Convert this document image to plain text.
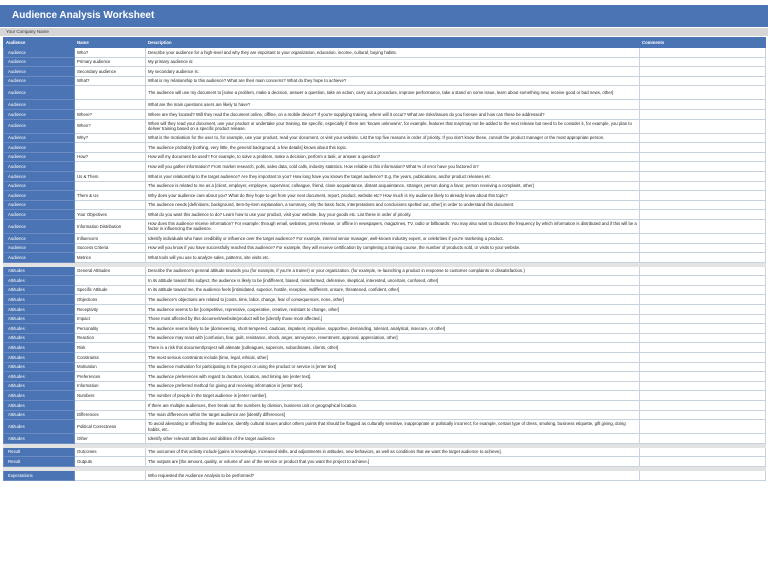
Audience Analysis Worksheet
Your Company Name
Audience	Name	Description	Comments
Audience	Who?	Describe your audience for a high-level and why they are important to your organization, education, income, cultural, buying habits.	
Audience	Primary audience	My primary audience is:	
Audience	Secondary audience	My secondary audience is:	
Audience	What?	What is my relationship to this audience? What are their main concerns? What do they hope to achieve?	
Audience		The audience will use my document to [solve a problem, make a decision, answer a question, take an action, carry out a procedure, improve performance, take a stand on some issue, learn about something new, receive good or bad news, other]	
Audience		What are the main questions users are likely to have?	
Audience	Where?	Where are they located? Will they read the document online, offline, on a mobile device? If you're supplying training, where will it occur? What are risks/issues do you foresee and how can these be addressed?	
Audience	When?	When will they read your document, use your product or undertake your training. Be specific, especially if there are 'known unknowns', for example, features that may/may not be added to the next release but need to be consider it, for example, you plan to deliver training based on a specific product release.	
Audience	Why?	What is the motivation for the user to, for example, use your product, read your document, or visit your website. List the top five reasons in order of priority. If you don't know these, consult the product manager or the most appropriate person.	
Audience		The audience probably [nothing, very little, the general background, a few details] knows about this topic.	
Audience	How?	How will my document be used? For example, to solve a problem, make a decision, perform a task, or answer a question?	
Audience		How will you gather information? From market research, polls, sales data, cold calls, industry statistics. How reliable is this information? What % of error have you factored in?	
Audience	Us & Them	What is your relationship to the target audience? Are they important to you? How long have you known the target audience? E.g. the years, publications, and/or product releases etc	
Audience		The audience is related to me as a [client, employer, employee, supervisor, colleague, friend, close acquaintance, distant acquaintance, stranger, person doing a favor, person receiving a complaint, other]	
Audience	Them & Us	Why does your audience care about you? What do they hope to get from your next document, report, product, website etc? How much is my audience likely to already know about this topic?	
Audience		The audience needs [definitions, background, item-by-item explanation, a summary, only the basic facts, interpretations and conclusions spelled out, other] in order to understand this document.	
Audience	Your Objectives	What do you want this audience to do? Learn how to use your product, visit your website, buy your goods etc. List these in order of priority.	
Audience	Information Distribution	How does this audience receive information? For example: through email, websites, press release, or offline in newspapers, magazines, TV, radio or billboards. You may also want to discuss the frequency by which information is distributed and if this will be a factor in influencing the audience.	
Audience	Influencers	Identify individuals who have credibility or influence over the target audience? For example, internal senior manager, well-known industry expert, or celebrities if you're marketing a product.	
Audience	Success Criteria	How will you know if you have successfully reached this audience? For example, they will receive certification by completing a training course, the number of products sold, or visits to your website.	
Audience	Metrics	What tools will you use to analyze sales, patterns, site visits etc.	

Attitudes	General Attitudes	Describe the audience's general attitude towards you (for example, if you're a trainer) or your organization. (for example, re-launching a product in response to customer complaints or dissatisfaction.)	
Attitudes		In its attitude toward this subject, the audience is likely to be [indifferent, biased, misinformed, defensive, skeptical, interested, uncertain, confused, other]	
Attitudes	Specific Attitude	In its attitude toward me, the audience feels [intimidated, superior, hostile, receptive, indifferent, unsure, threatened, confident, other]	
Attitudes	Objections	The audience's objections are related to [costs, time, labor, change, fear of consequences, none, other]	
Attitudes	Receptivity	The audience seems to be [competitive, repressive, cooperative, creative, resistant to change, other]	
Attitudes	Impact	Those most affected by this document/website/product will be [identify those most affected.]	
Attitudes	Personality	The audience seems likely to be [domineering, short-tempered, cautious, impatient, impulsive, supportive, demanding, tolerant, analytical, insecure, or other]	
Attitudes	Reaction	The audience may react with [confusion, fear, guilt, resistance, shock, anger, annoyance, resentment, approval, appreciation, other]	
Attitudes	Risk	There is a risk this document/project will alienate [colleagues, superiors, subordinates, clients, other]	
Attitudes	Constraints	The most serious constraints include [time, legal, ethical, other]	
Attitudes	Motivation	The audience motivation for participating in the project or using the product or service is [enter text]	
Attitudes	Preferences	The audience preferences with regard to duration, location, and timing are [enter text].	
Attitudes	Information	The audience preferred method for giving and receiving information is [enter text].	
Attitudes	Numbers	The number of people in the target audience is [enter number].	
Attitudes		If there are multiple audiences, then break out the numbers by division, business unit or geographical location.	
Attitudes	Differences	The main differences within the target audience are [identify differences]	
Attitudes	Political Correctness	To avoid alienating or offending the audience, identify cultural issues and/or others points that should be flagged as culturally sensitive, inappropriate or politically incorrect; for example, certain type of dress, smoking, business etiquette, gift giving, doing habits, etc.	
Attitudes	Other	Identify other relevant attributes and abilities of the target audience	

Result	Outcomes	The outcomes of this activity include [gains in knowledge, increased skills, and adjustments in attitudes, new behaviors, as well as conditions that we want the target audience to achieve].	
Result	Outputs	The outputs are [the amount, quality, or volume of use of the service or product that you want the project to achieve.]	

Expectations		Who requested the Audience Analysis to be performed?	
